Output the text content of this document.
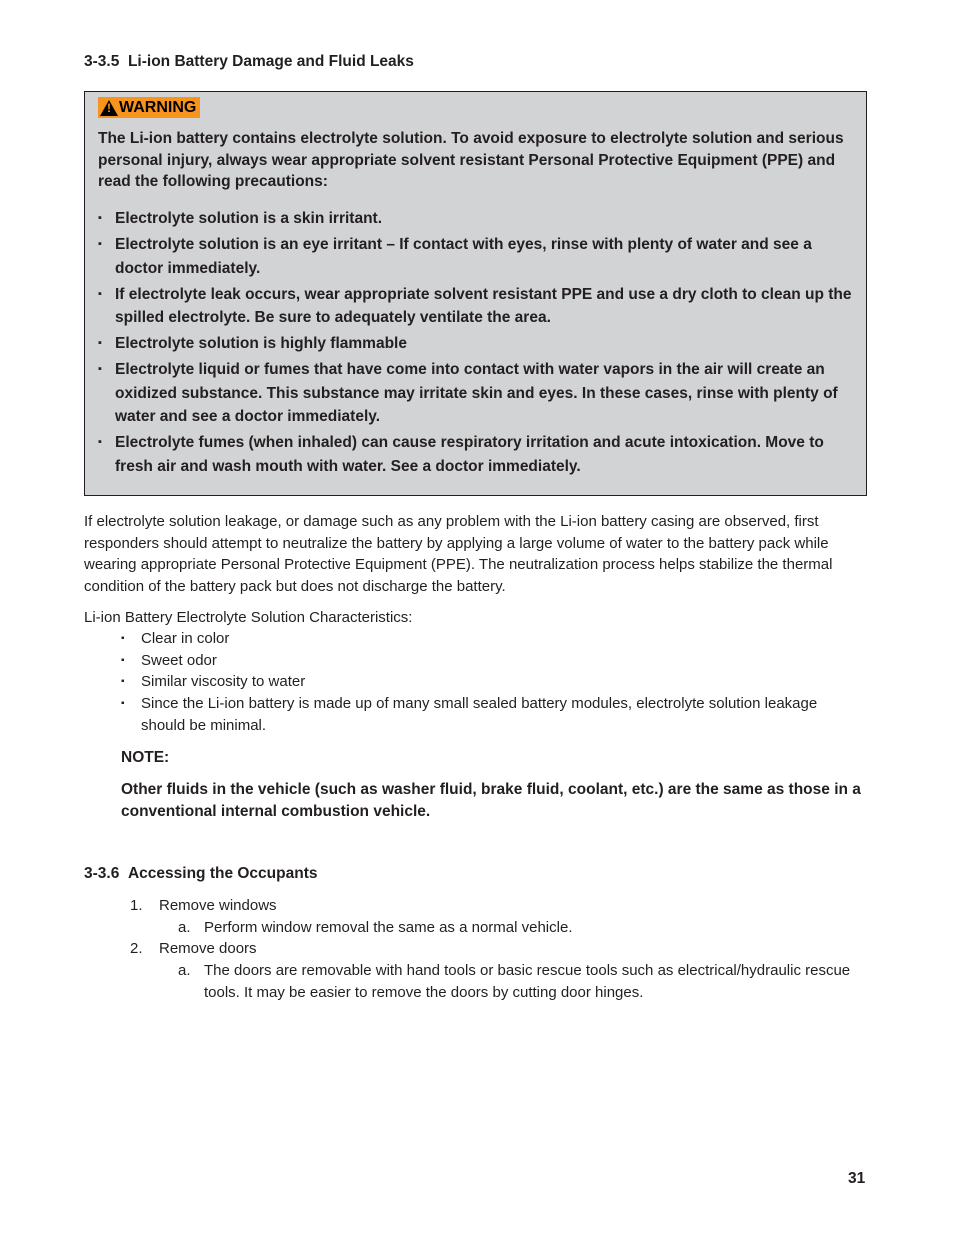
3-3.5 Li-ion Battery Damage and Fluid Leaks
!
WARNING

The Li-ion battery contains electrolyte solution. To avoid exposure to electrolyte solution and serious personal injury, always wear appropriate solvent resistant Personal Protective Equipment (PPE) and read the following precautions:

▪ Electrolyte solution is a skin irritant.
▪ Electrolyte solution is an eye irritant – If contact with eyes, rinse with plenty of water and see a doctor immediately.
▪ If electrolyte leak occurs, wear appropriate solvent resistant PPE and use a dry cloth to clean up the spilled electrolyte. Be sure to adequately ventilate the area.
▪ Electrolyte solution is highly flammable
▪ Electrolyte liquid or fumes that have come into contact with water vapors in the air will create an oxidized substance. This substance may irritate skin and eyes. In these cases, rinse with plenty of water and see a doctor immediately.
▪ Electrolyte fumes (when inhaled) can cause respiratory irritation and acute intoxication. Move to fresh air and wash mouth with water. See a doctor immediately.

If electrolyte solution leakage, or damage such as any problem with the Li-ion battery casing are observed, first responders should attempt to neutralize the battery by applying a large volume of water to the battery pack while wearing appropriate Personal Protective Equipment (PPE). The neutralization process helps stabilize the thermal condition of the battery pack but does not discharge the battery.

Li-ion Battery Electrolyte Solution Characteristics:

▪ Clear in color
▪ Sweet odor
▪ Similar viscosity to water
▪ Since the Li-ion battery is made up of many small sealed battery modules, electrolyte solution leakage should be minimal.

NOTE:

Other fluids in the vehicle (such as washer fluid, brake fluid, coolant, etc.) are the same as those in a conventional internal combustion vehicle.

3-3.6 Accessing the Occupants
1. Remove windows
a. Perform window removal the same as a normal vehicle.
2. Remove doors
a. The doors are removable with hand tools or basic rescue tools such as electrical/hydraulic rescue tools. It may be easier to remove the doors by cutting door hinges.

31
